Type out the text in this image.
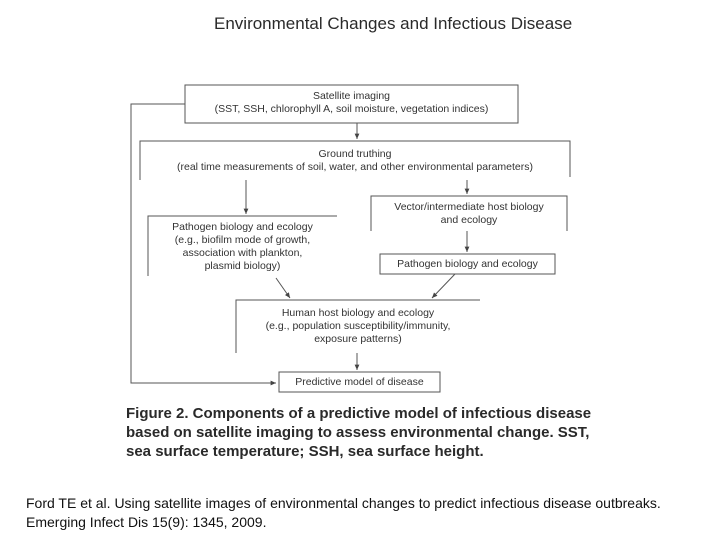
Environmental Changes and Infectious Disease
Satellite imaging
(SST, SSH, chlorophyll A, soil moisture, vegetation indices)
Ground truthing
(real time measurements of soil, water, and other environmental parameters)
Pathogen biology and ecology
(e.g., biofilm mode of growth,
association with plankton,
plasmid biology)
Vector/intermediate host biology
and ecology
Pathogen biology and ecology
Human host biology and ecology
(e.g., population susceptibility/immunity,
exposure patterns)
Predictive model of disease
Figure 2. Components of a predictive model of infectious disease based on satellite imaging to assess environmental change. SST, sea surface temperature; SSH, sea surface height.
Ford TE et al. Using satellite images of environmental changes to predict infectious disease outbreaks. Emerging Infect Dis 15(9): 1345, 2009.
